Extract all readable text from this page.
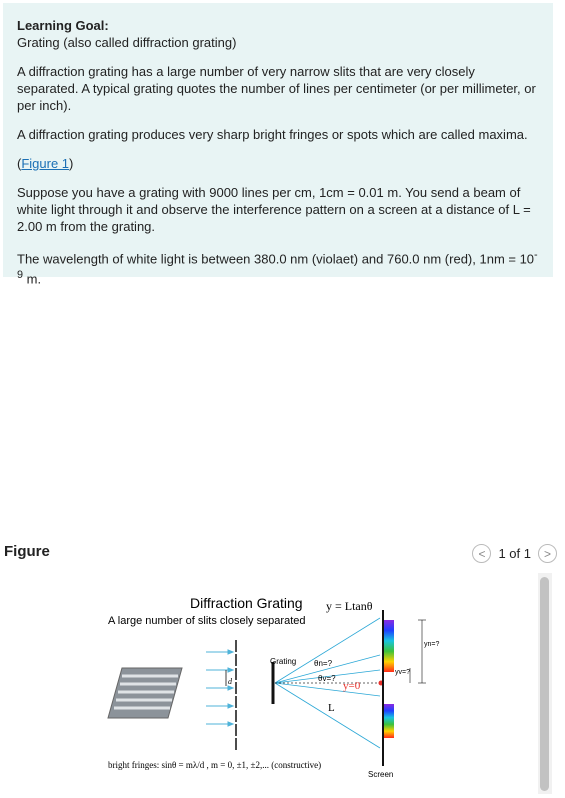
Learning Goal:

Grating (also called diffraction grating)

A diffraction grating has a large number of very narrow slits that are very closely separated. A typical grating quotes the number of lines per centimeter (or per millimeter, or per inch).

A diffraction grating produces very sharp bright fringes or spots which are called maxima.

(Figure 1)

Suppose you have a grating with 9000 lines per cm, 1cm = 0.01 m. You send a beam of white light through it and observe the interference pattern on a screen at a distance of L = 2.00 m from the grating.

The wavelength of white light is between 380.0 nm (violaet) and 760.0 nm (red), $1nm = 10^{-9}$ m.

Figure	< 1 of 1 >
Diffraction Grating
A large number of slits closely separated
y = Ltanθ
d
Grating θn=?
θv=?
y=0
L
yn=?
yv=?
bright fringes: sinθ = mλ/d , m = 0, ±1, ±2,... (constructive)
Screen
